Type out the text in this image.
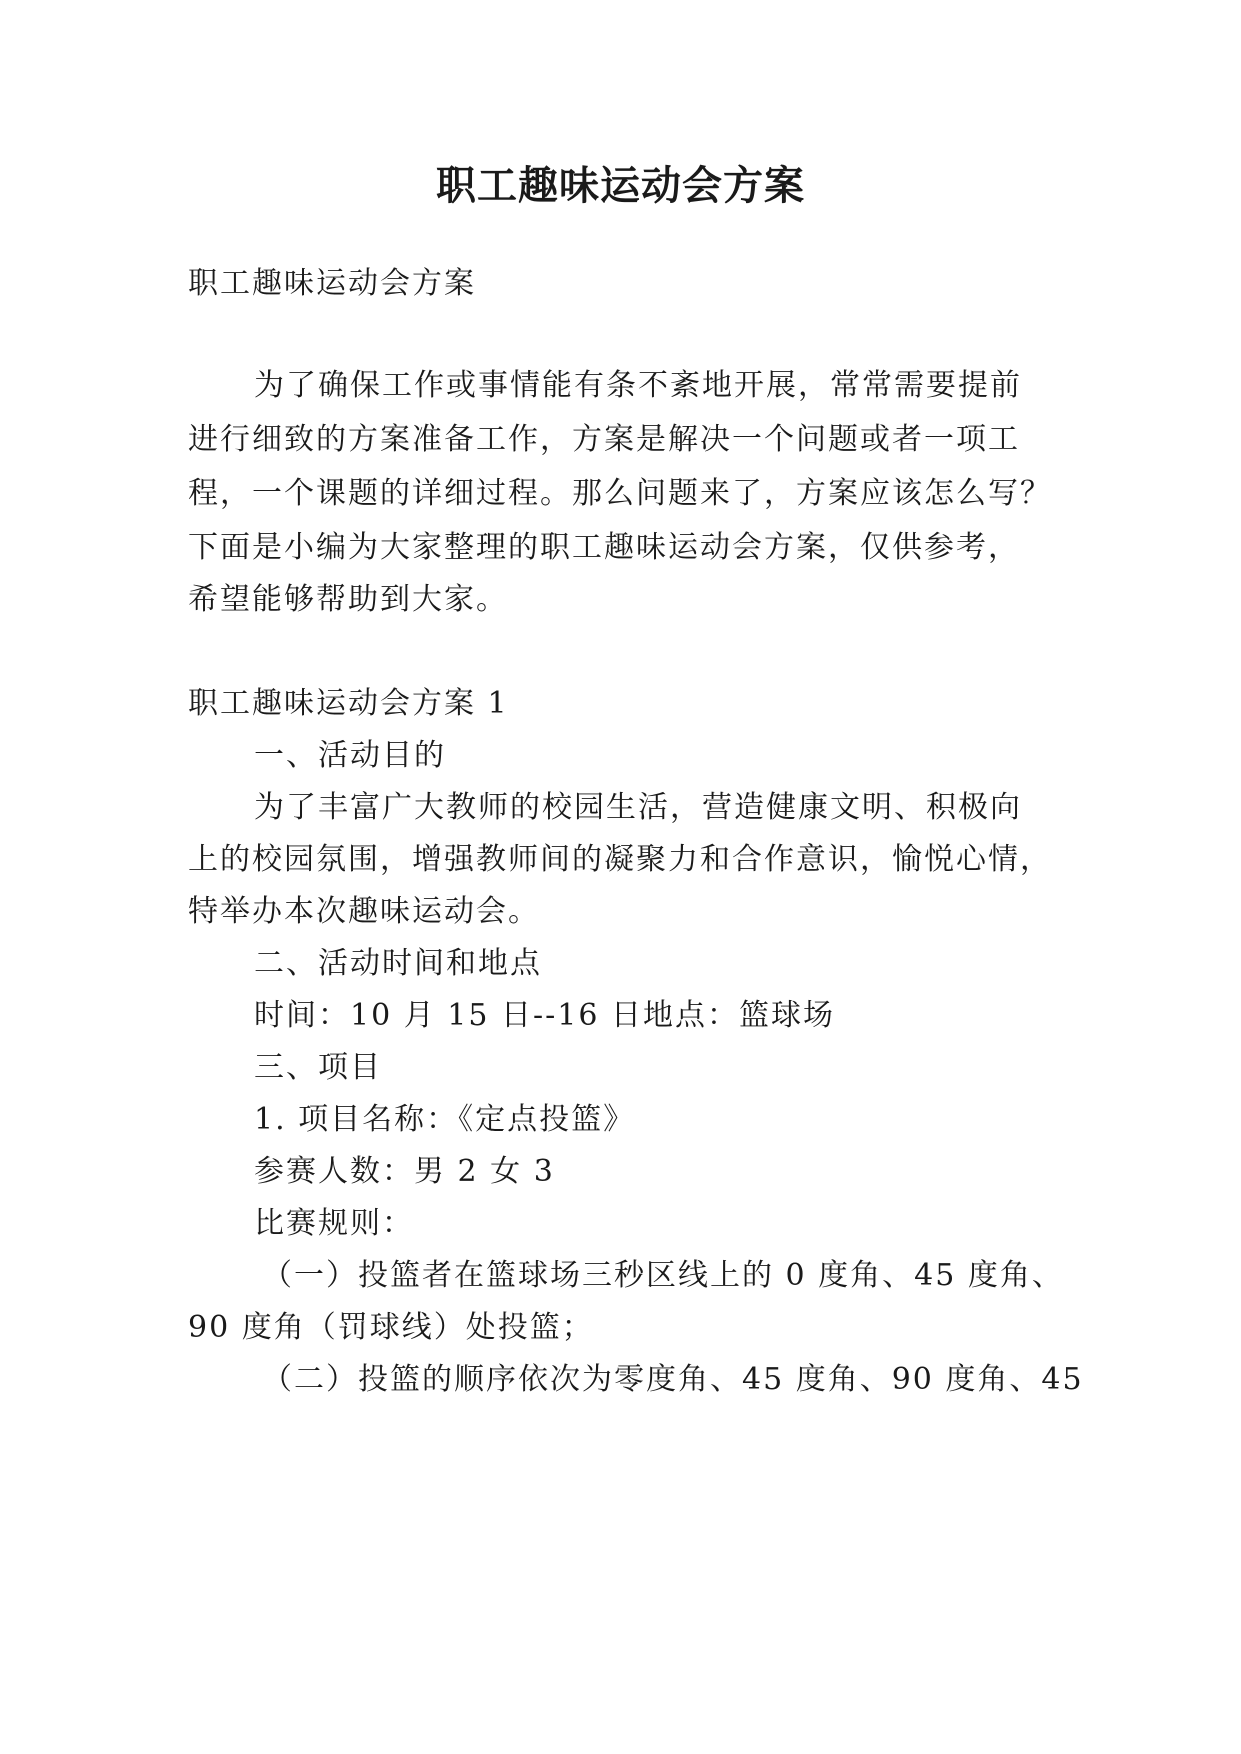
职工趣味运动会方案
职工趣味运动会方案
为了确保工作或事情能有条不紊地开展，常常需要提前
进行细致的方案准备工作，方案是解决一个问题或者一项工
程，一个课题的详细过程。那么问题来了，方案应该怎么写？
下面是小编为大家整理的职工趣味运动会方案，仅供参考，
希望能够帮助到大家。
职工趣味运动会方案 1
一、活动目的
为了丰富广大教师的校园生活，营造健康文明、积极向
上的校园氛围，增强教师间的凝聚力和合作意识，愉悦心情，
特举办本次趣味运动会。
二、活动时间和地点
时间：10 月 15 日--16 日地点：篮球场
三、项目
1. 项目名称：《定点投篮》
参赛人数：男 2 女 3
比赛规则：
（一）投篮者在篮球场三秒区线上的 0 度角、45 度角、
90 度角（罚球线）处投篮；
（二）投篮的顺序依次为零度角、45 度角、90 度角、45
